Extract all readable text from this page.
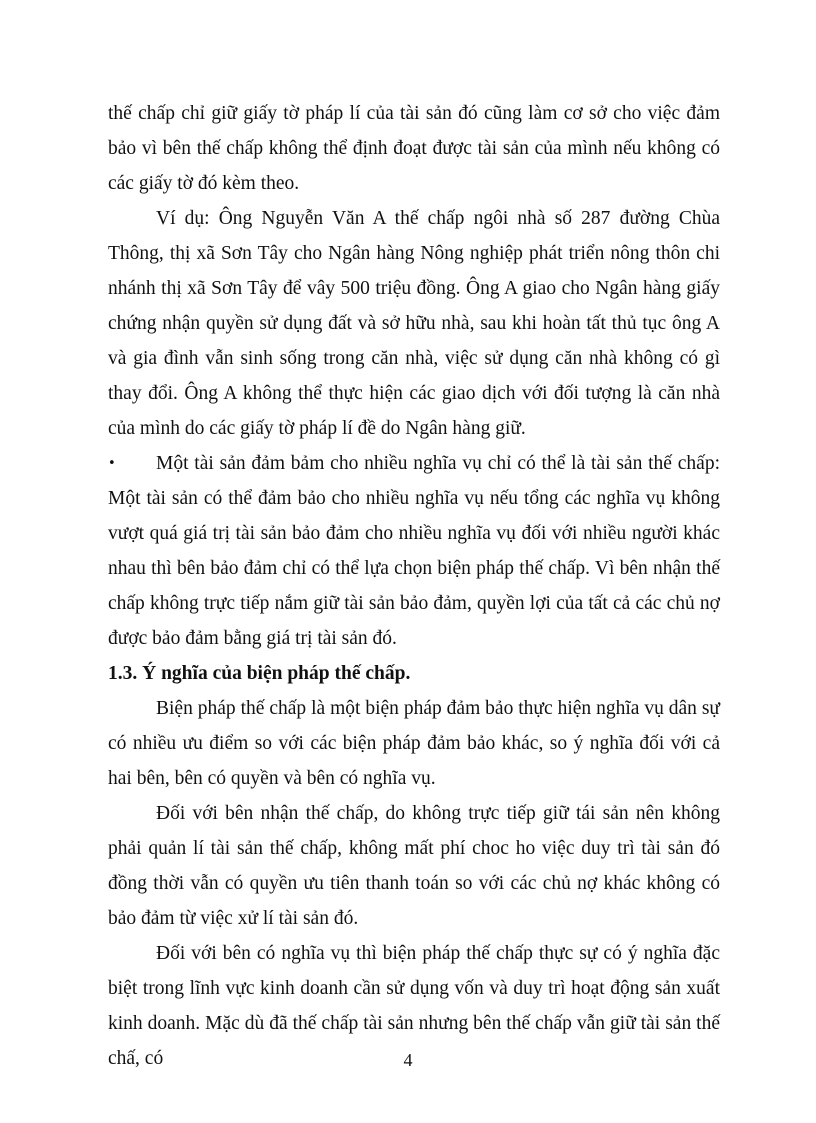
thế chấp chỉ giữ giấy tờ pháp lí của tài sản đó cũng làm cơ sở cho việc đảm bảo vì bên thế chấp không thể định đoạt được tài sản của mình nếu không có các giấy tờ đó kèm theo.

Ví dụ: Ông Nguyễn Văn A thế chấp ngôi nhà số 287 đường Chùa Thông, thị xã Sơn Tây cho Ngân hàng Nông nghiệp phát triển nông thôn chi nhánh thị xã Sơn Tây để vây 500 triệu đồng. Ông A giao cho Ngân hàng giấy chứng nhận quyền sử dụng đất và sở hữu nhà, sau khi hoàn tất thủ tục ông A và gia đình vẫn sinh sống trong căn nhà, việc sử dụng căn nhà không có gì thay đổi. Ông A không thể thực hiện các giao dịch với đối tượng là căn nhà của mình do các giấy tờ pháp lí đề do Ngân hàng giữ.

• Một tài sản đảm bảm cho nhiều nghĩa vụ chỉ có thể là tài sản thế chấp: Một tài sản có thể đảm bảo cho nhiều nghĩa vụ nếu tổng các nghĩa vụ không vượt quá giá trị tài sản bảo đảm cho nhiều nghĩa vụ đối với nhiều người khác nhau thì bên bảo đảm chỉ có thể lựa chọn biện pháp thế chấp. Vì bên nhận thế chấp không trực tiếp nắm giữ tài sản bảo đảm, quyền lợi của tất cả các chủ nợ được bảo đảm bằng giá trị tài sản đó.

1.3. Ý nghĩa của biện pháp thế chấp.

Biện pháp thế chấp là một biện pháp đảm bảo thực hiện nghĩa vụ dân sự có nhiều ưu điểm so với các biện pháp đảm bảo khác, so ý nghĩa đối với cả hai bên, bên có quyền và bên có nghĩa vụ.

Đối với bên nhận thế chấp, do không trực tiếp giữ tái sản nên không phải quản lí tài sản thế chấp, không mất phí choc ho việc duy trì tài sản đó đồng thời vẫn có quyền ưu tiên thanh toán so với các chủ nợ khác không có bảo đảm từ việc xử lí tài sản đó.

Đối với bên có nghĩa vụ thì biện pháp thế chấp thực sự có ý nghĩa đặc biệt trong lĩnh vực kinh doanh cần sử dụng vốn và duy trì hoạt động sản xuất kinh doanh. Mặc dù đã thế chấp tài sản nhưng bên thế chấp vẫn giữ tài sản thế chấ, có	4
